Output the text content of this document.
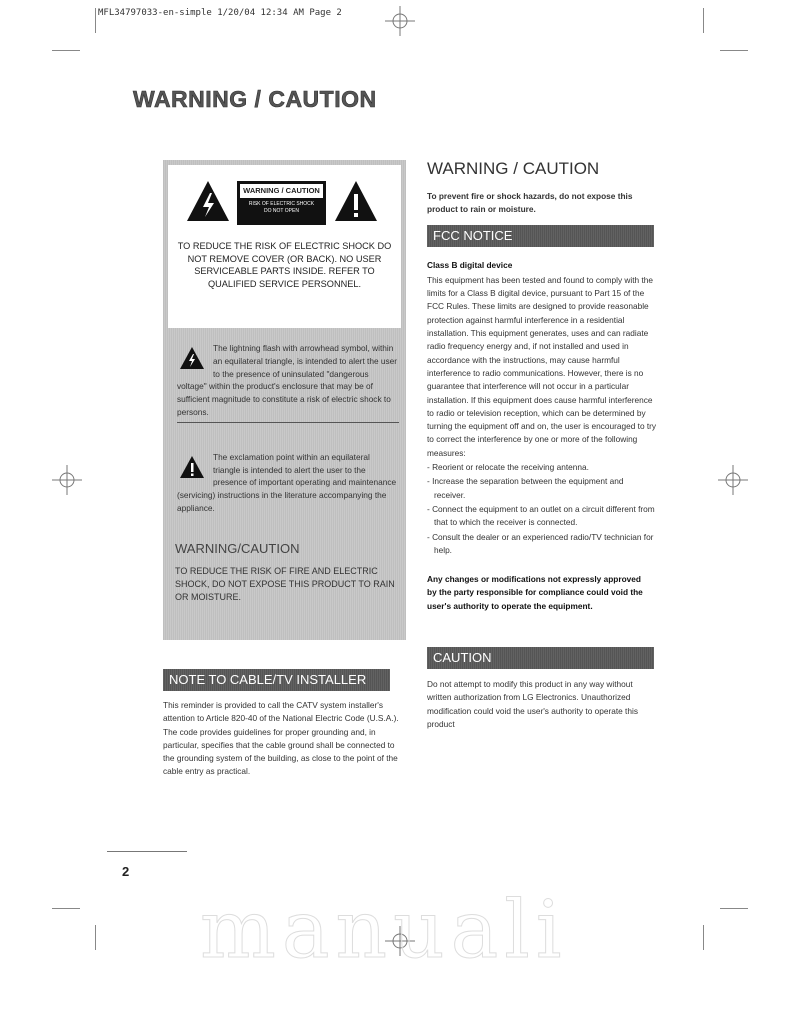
MFL34797033-en-simple 1/20/04 12:34 AM Page 2
WARNING / CAUTION
WARNING / CAUTION
RISK OF ELECTRIC SHOCK
DO NOT OPEN
TO REDUCE THE RISK OF ELECTRIC SHOCK DO NOT REMOVE COVER (OR BACK). NO USER SERVICEABLE PARTS INSIDE. REFER TO QUALIFIED SERVICE PERSONNEL.
The lightning flash with arrowhead symbol, within an equilateral triangle, is intended to alert the user to the presence of uninsulated "dangerous voltage" within the product's enclosure that may be of sufficient magnitude to constitute a risk of electric shock to persons.
The exclamation point within an equilateral triangle is intended to alert the user to the presence of important operating and maintenance (servicing) instructions in the literature accompanying the appliance.
WARNING/CAUTION
TO REDUCE THE RISK OF FIRE AND ELECTRIC SHOCK, DO NOT EXPOSE THIS PRODUCT TO RAIN OR MOISTURE.
NOTE TO CABLE/TV INSTALLER
This reminder is provided to call the CATV system installer's attention to Article 820-40 of the National Electric Code (U.S.A.). The code provides guidelines for proper grounding and, in particular, specifies that the cable ground shall be connected to the grounding system of the building, as close to the point of the cable entry as practical.
WARNING / CAUTION
To prevent fire or shock hazards, do not expose this product to rain or moisture.
FCC NOTICE
Class B digital device
This equipment has been tested and found to comply with the limits for a Class B digital device, pursuant to Part 15 of the FCC Rules. These limits are designed to provide reasonable protection against harmful interference in a residential installation. This equipment generates, uses and can radiate radio frequency energy and, if not installed and used in accordance with the instructions, may cause harmful interference to radio communications. However, there is no guarantee that interference will not occur in a particular installation. If this equipment does cause harmful interference to radio or television reception, which can be determined by turning the equipment off and on, the user is encouraged to try to correct the interference by one or more of the following measures:
- Reorient or relocate the receiving antenna.
- Increase the separation between the equipment and receiver.
- Connect the equipment to an outlet on a circuit different from that to which the receiver is connected.
- Consult the dealer or an experienced radio/TV technician for help.
Any changes or modifications not expressly approved by the party responsible for compliance could void the user's authority to operate the equipment.
CAUTION
Do not attempt to modify this product in any way without written authorization from LG Electronics. Unauthorized modification could void the user's authority to operate this product
2
manuali
